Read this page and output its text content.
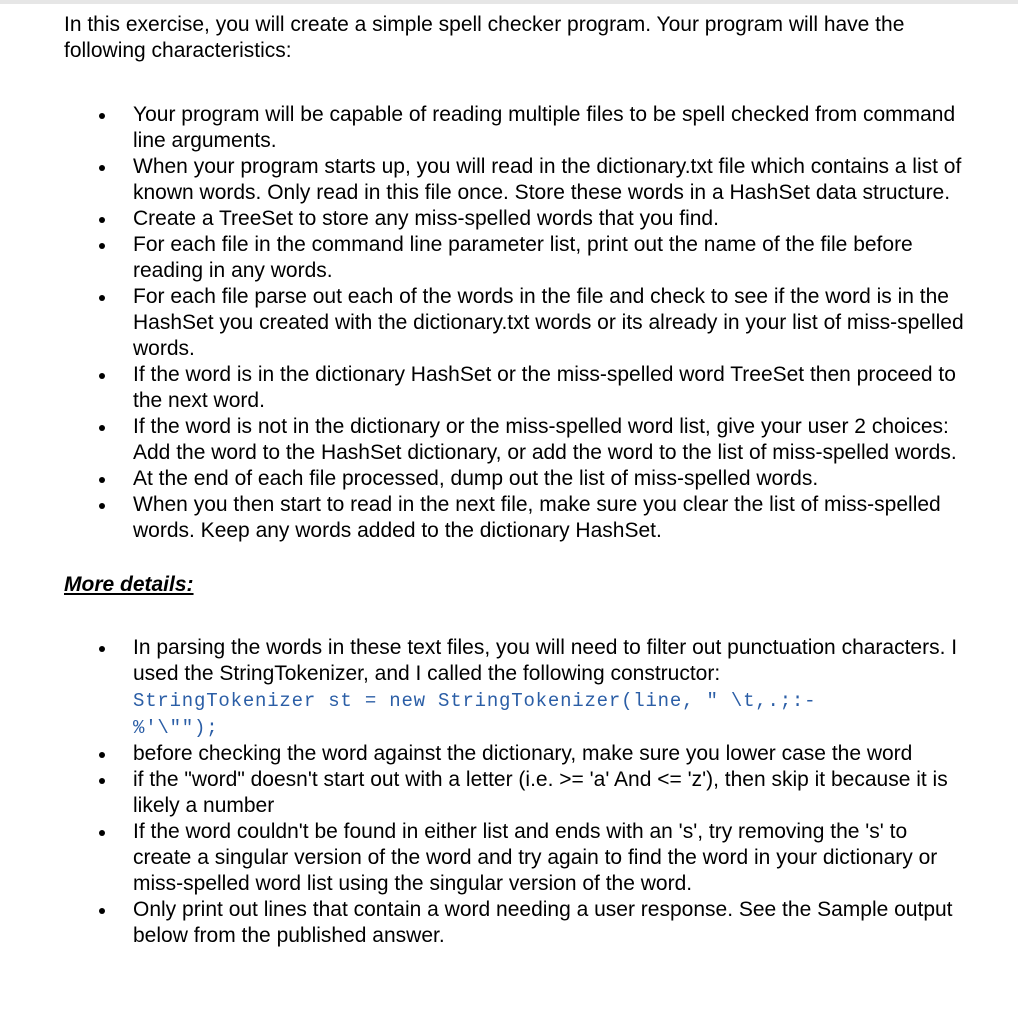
In this exercise, you will create a simple spell checker program. Your program will have the following characteristics:

Your program will be capable of reading multiple files to be spell checked from command line arguments.
When your program starts up, you will read in the dictionary.txt file which contains a list of known words. Only read in this file once. Store these words in a HashSet data structure.
Create a TreeSet to store any miss-spelled words that you find.
For each file in the command line parameter list, print out the name of the file before reading in any words.
For each file parse out each of the words in the file and check to see if the word is in the HashSet you created with the dictionary.txt words or its already in your list of miss-spelled words.
If the word is in the dictionary HashSet or the miss-spelled word TreeSet then proceed to the next word.
If the word is not in the dictionary or the miss-spelled word list, give your user 2 choices: Add the word to the HashSet dictionary, or add the word to the list of miss-spelled words.
At the end of each file processed, dump out the list of miss-spelled words.
When you then start to read in the next file, make sure you clear the list of miss-spelled words. Keep any words added to the dictionary HashSet.
More details:
In parsing the words in these text files, you will need to filter out punctuation characters. I used the StringTokenizer, and I called the following constructor:
StringTokenizer st = new StringTokenizer(line, " \t,.;:-
%'\"");
before checking the word against the dictionary, make sure you lower case the word
if the "word" doesn't start out with a letter (i.e. >= 'a' And <= 'z'), then skip it because it is likely a number
If the word couldn't be found in either list and ends with an 's', try removing the 's' to create a singular version of the word and try again to find the word in your dictionary or miss-spelled word list using the singular version of the word.
Only print out lines that contain a word needing a user response. See the Sample output below from the published answer.
